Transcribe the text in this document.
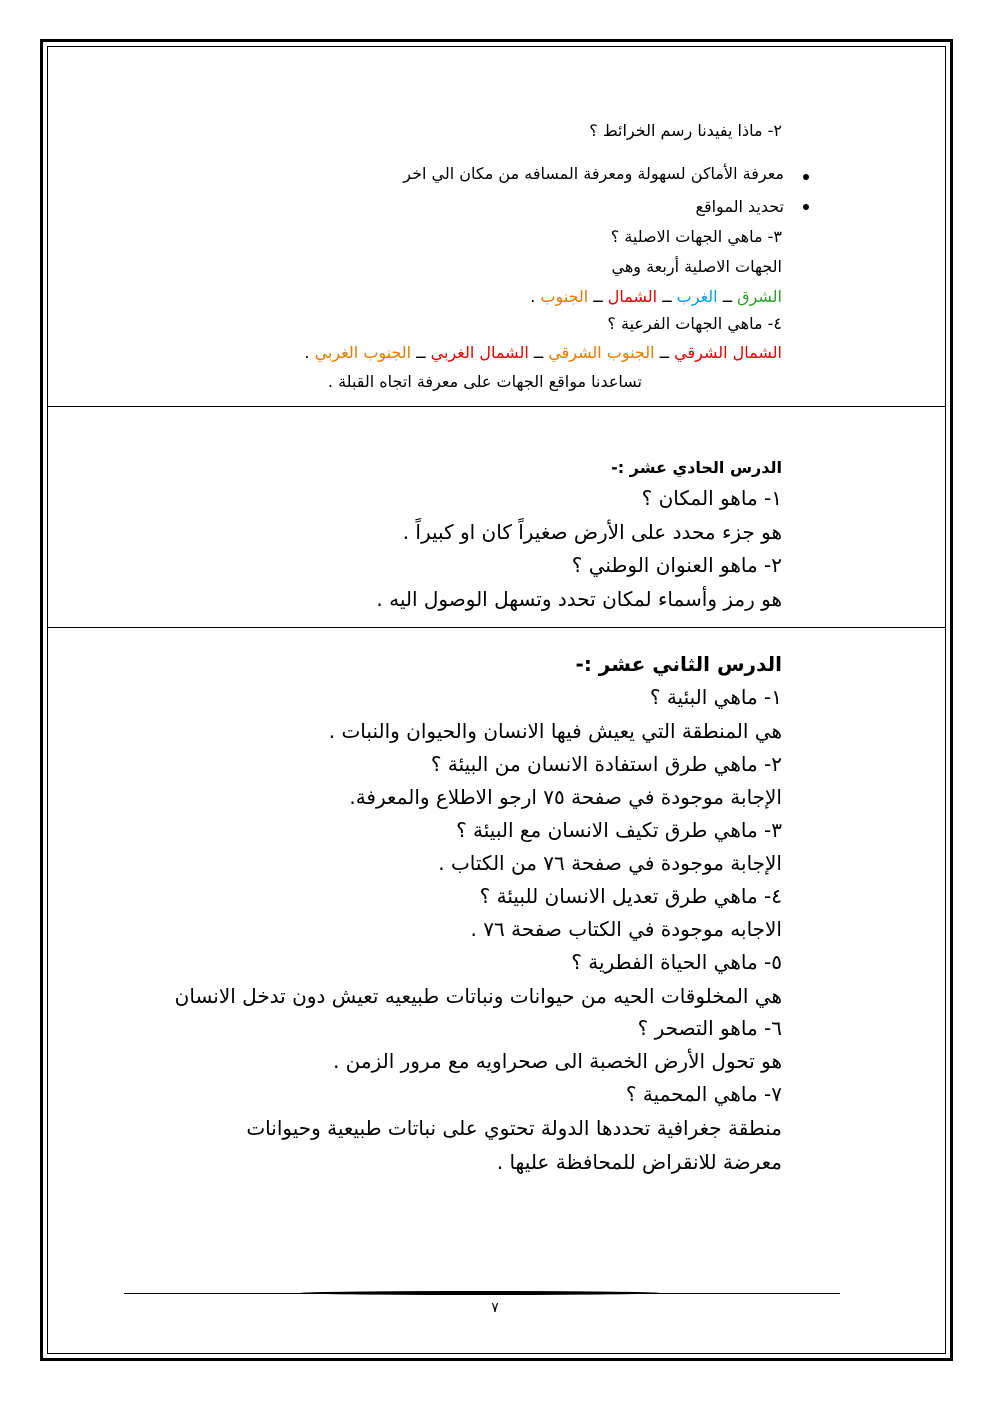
٢- ماذا يفيدنا رسم الخرائط ؟
معرفة الأماكن لسهولة ومعرفة المسافه من مكان الي اخر
تحديد المواقع
٣- ماهي الجهات الاصلية ؟
الجهات الاصلية أربعة وهي
الشرق ــ الغرب ــ الشمال ــ الجنوب .
٤- ماهي الجهات الفرعية ؟
الشمال الشرقي ــ الجنوب الشرقي ــ الشمال الغربي ــ الجنوب الغربي .
تساعدنا مواقع الجهات على معرفة اتجاه القبلة .
الدرس الحادي عشر :-
١- ماهو المكان ؟
هو جزء محدد على الأرض صغيراً كان او كبيراً .
٢- ماهو العنوان الوطني ؟
هو رمز وأسماء لمكان تحدد وتسهل الوصول اليه .
الدرس الثاني عشر :-
١- ماهي البئية ؟
هي المنطقة التي يعيش فيها الانسان والحيوان والنبات .
٢- ماهي طرق استفادة الانسان من البيئة ؟
الإجابة موجودة في صفحة ٧٥ ارجو الاطلاع والمعرفة.
٣- ماهي طرق تكيف الانسان مع البيئة ؟
الإجابة موجودة في صفحة ٧٦ من الكتاب .
٤- ماهي طرق تعديل الانسان للبيئة ؟
الاجابه موجودة في الكتاب صفحة ٧٦ .
٥- ماهي الحياة الفطرية ؟
هي المخلوقات الحيه من حيوانات ونباتات طبيعيه تعيش دون تدخل الانسان
٦- ماهو التصحر ؟
هو تحول الأرض الخصبة الى صحراويه مع مرور الزمن .
٧- ماهي المحمية ؟
منطقة جغرافية تحددها الدولة تحتوي على نباتات طبيعية وحيوانات
معرضة للانقراض للمحافظة عليها .
٧
